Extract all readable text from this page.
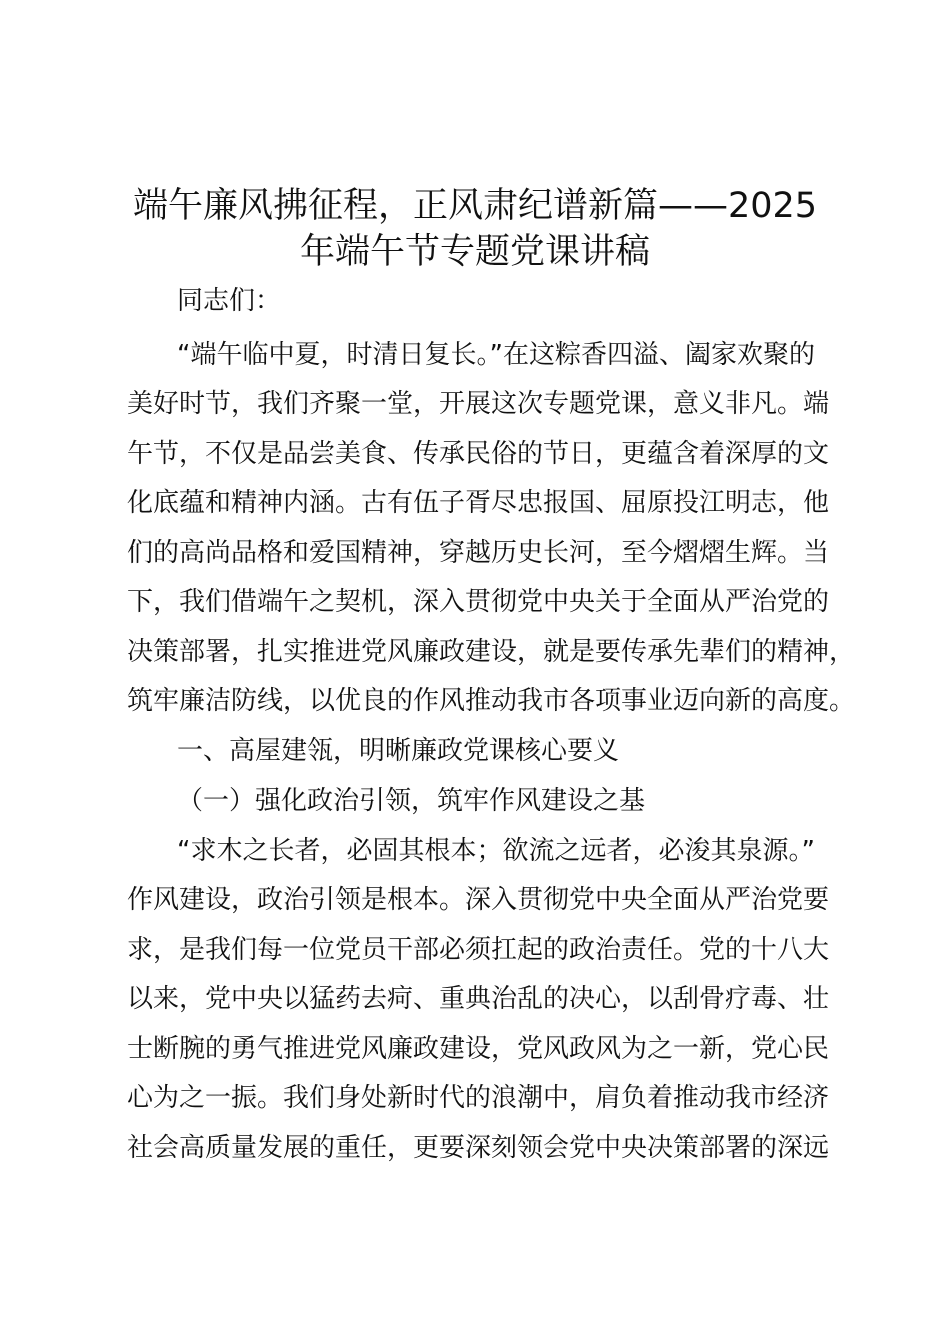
端午廉风拂征程，正风肃纪谱新篇——2025
年端午节专题党课讲稿

同志们：

“端午临中夏，时清日复长。”在这粽香四溢、阖家欢聚的

美好时节，我们齐聚一堂，开展这次专题党课，意义非凡。端

午节，不仅是品尝美食、传承民俗的节日，更蕴含着深厚的文

化底蕴和精神内涵。古有伍子胥尽忠报国、屈原投江明志，他

们的高尚品格和爱国精神，穿越历史长河，至今熠熠生辉。当

下，我们借端午之契机，深入贯彻党中央关于全面从严治党的

决策部署，扎实推进党风廉政建设，就是要传承先辈们的精神，

筑牢廉洁防线，以优良的作风推动我市各项事业迈向新的高度。

一、高屋建瓴，明晰廉政党课核心要义

（一）强化政治引领，筑牢作风建设之基

“求木之长者，必固其根本；欲流之远者，必浚其泉源。”

作风建设，政治引领是根本。深入贯彻党中央全面从严治党要

求，是我们每一位党员干部必须扛起的政治责任。党的十八大

以来，党中央以猛药去疴、重典治乱的决心，以刮骨疗毒、壮

士断腕的勇气推进党风廉政建设，党风政风为之一新，党心民

心为之一振。我们身处新时代的浪潮中，肩负着推动我市经济

社会高质量发展的重任，更要深刻领会党中央决策部署的深远
